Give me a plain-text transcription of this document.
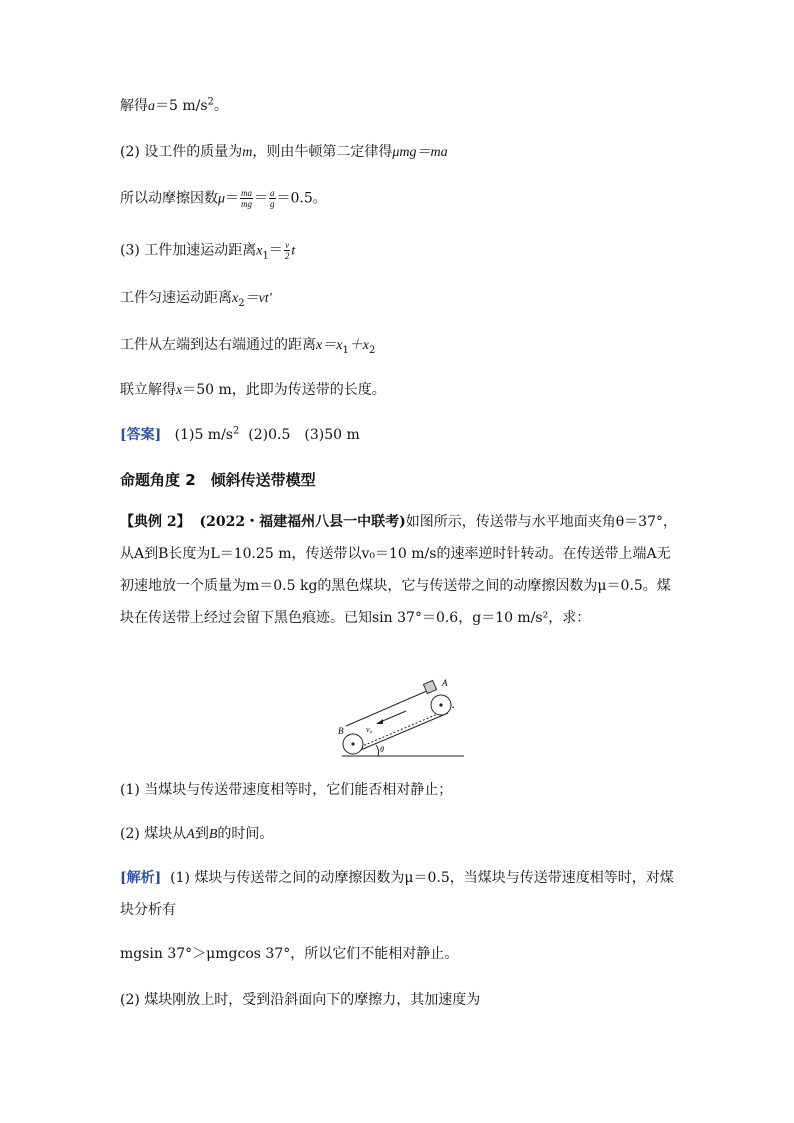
解得a＝5 $m/s^2$。
(2) 设工件的质量为m，则由牛顿第二定律得μmg＝ma
所以动摩擦因数$\mu= \frac{ma}{mg} = \frac{a}{g} =0.5$。
(3) 工件加速运动距离$x_1= \frac{v}{2}$ t
工件匀速运动距离$x_2=vt'$
工件从左端到达右端通过的距离$x=x_1+x_2$
联立解得x＝50 m，此即为传送带的长度。
[答案] (1)5 $m/s^2$ (2)0.5　(3)50 m
命题角度 2　倾斜传送带模型
【典例 2】 (2022・福建福州八县一中联考)如图所示，传送带与水平地面夹角θ＝37°，从A到B长度为L＝10.25 m，传送带以v₀＝10 m/s的速率逆时针转动。在传送带上端A无初速地放一个质量为m＝0.5 kg的黑色煤块，它与传送带之间的动摩擦因数为μ＝0.5。煤块在传送带上经过会留下黑色痕迹。已知sin 37°＝0.6，g＝10 m/s²，求：
A
B	v₀
θ
(1) 当煤块与传送带速度相等时，它们能否相对静止；
(2) 煤块从A到B的时间。
[解析] (1) 煤块与传送带之间的动摩擦因数为μ＝0.5，当煤块与传送带速度相等时，对煤块分析有
mgsin 37°＞μmgcos 37°，所以它们不能相对静止。
(2) 煤块刚放上时，受到沿斜面向下的摩擦力，其加速度为
